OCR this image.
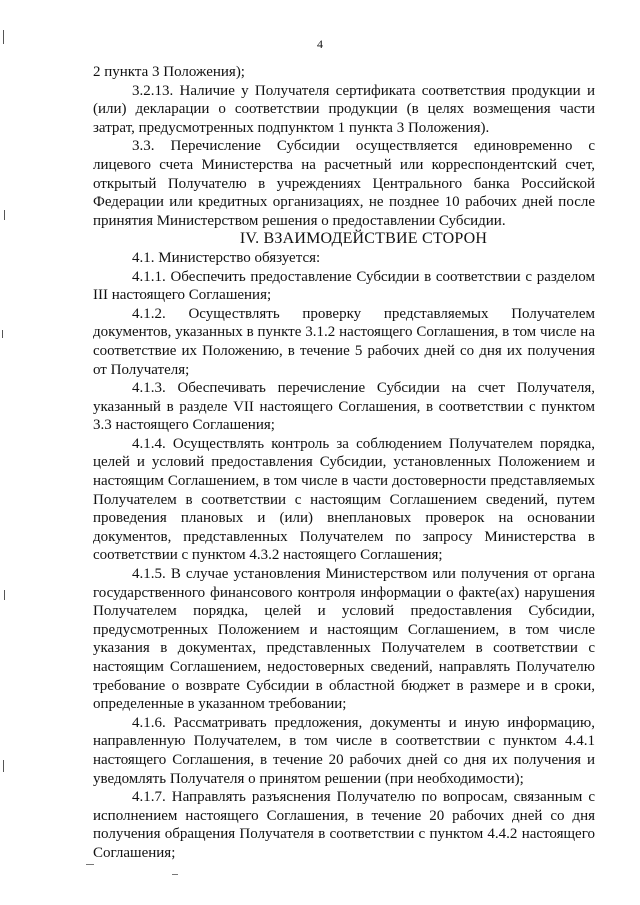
4

2 пункта 3 Положения);

3.2.13. Наличие у Получателя сертификата соответствия продукции и (или) декларации о соответствии продукции (в целях возмещения части затрат, предусмотренных подпунктом 1 пункта 3 Положения).

3.3. Перечисление Субсидии осуществляется единовременно с лицевого счета Министерства на расчетный или корреспондентский счет, открытый Получателю в учреждениях Центрального банка Российской Федерации или кредитных организациях, не позднее 10 рабочих дней после принятия Министерством решения о предоставлении Субсидии.

IV. ВЗАИМОДЕЙСТВИЕ СТОРОН

4.1. Министерство обязуется:

4.1.1. Обеспечить предоставление Субсидии в соответствии с разделом III настоящего Соглашения;

4.1.2. Осуществлять проверку представляемых Получателем документов, указанных в пункте 3.1.2 настоящего Соглашения, в том числе на соответствие их Положению, в течение 5 рабочих дней со дня их получения от Получателя;

4.1.3. Обеспечивать перечисление Субсидии на счет Получателя, указанный в разделе VII настоящего Соглашения, в соответствии с пунктом 3.3 настоящего Соглашения;

4.1.4. Осуществлять контроль за соблюдением Получателем порядка, целей и условий предоставления Субсидии, установленных Положением и настоящим Соглашением, в том числе в части достоверности представляемых Получателем в соответствии с настоящим Соглашением сведений, путем проведения плановых и (или) внеплановых проверок на основании документов, представленных Получателем по запросу Министерства в соответствии с пунктом 4.3.2 настоящего Соглашения;

4.1.5. В случае установления Министерством или получения от органа государственного финансового контроля информации о факте(ах) нарушения Получателем порядка, целей и условий предоставления Субсидии, предусмотренных Положением и настоящим Соглашением, в том числе указания в документах, представленных Получателем в соответствии с настоящим Соглашением, недостоверных сведений, направлять Получателю требование о возврате Субсидии в областной бюджет в размере и в сроки, определенные в указанном требовании;

4.1.6. Рассматривать предложения, документы и иную информацию, направленную Получателем, в том числе в соответствии с пунктом 4.4.1 настоящего Соглашения, в течение 20 рабочих дней со дня их получения и уведомлять Получателя о принятом решении (при необходимости);

4.1.7. Направлять разъяснения Получателю по вопросам, связанным с исполнением настоящего Соглашения, в течение 20 рабочих дней со дня получения обращения Получателя в соответствии с пунктом 4.4.2 настоящего Соглашения;
